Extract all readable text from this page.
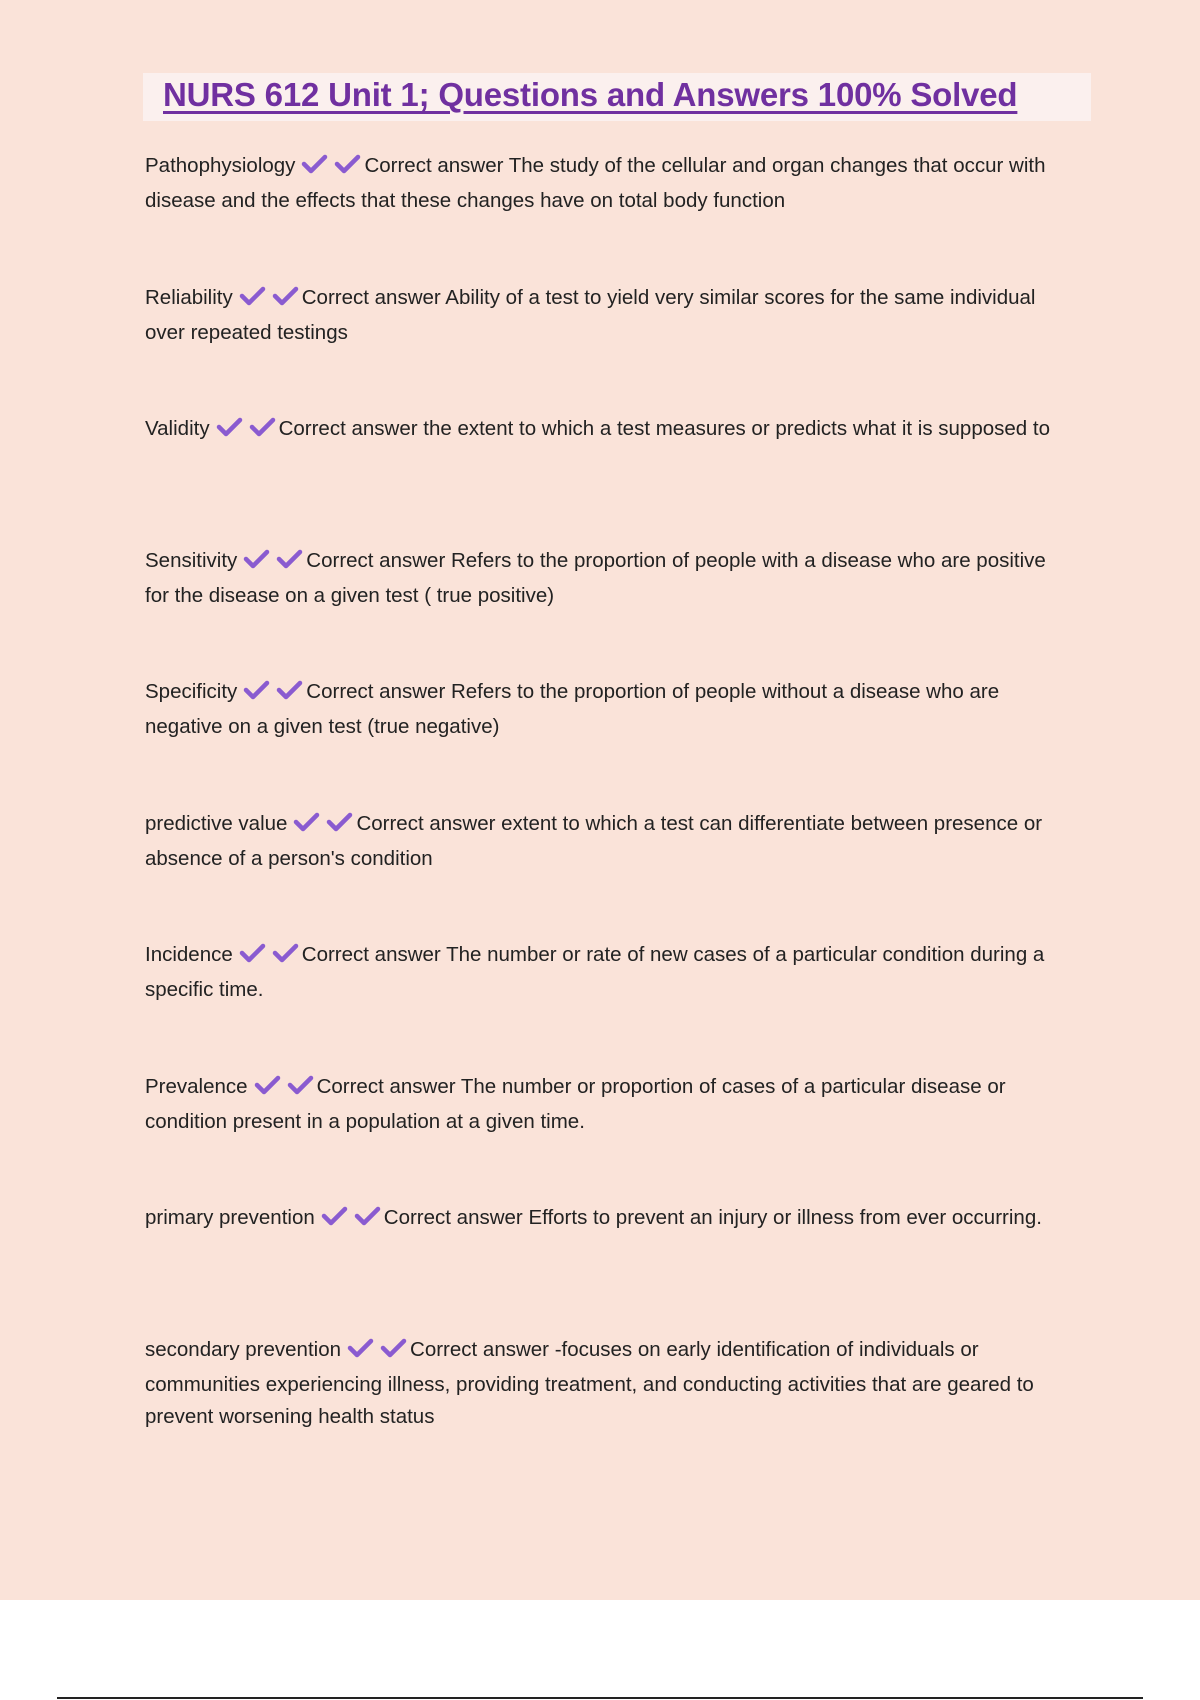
NURS 612 Unit 1; Questions and Answers 100% Solved
Pathophysiology	Correct answer The study of the cellular and organ changes that occur with disease and the effects that these changes have on total body function
Reliability	Correct answer Ability of a test to yield very similar scores for the same individual over repeated testings
Validity	Correct answer the extent to which a test measures or predicts what it is supposed to
Sensitivity	Correct answer Refers to the proportion of people with a disease who are positive for the disease on a given test ( true positive)
Specificity	Correct answer Refers to the proportion of people without a disease who are negative on a given test (true negative)
predictive value	Correct answer extent to which a test can differentiate between presence or absence of a person's condition
Incidence	Correct answer The number or rate of new cases of a particular condition during a specific time.
Prevalence	Correct answer The number or proportion of cases of a particular disease or condition present in a population at a given time.
primary prevention	Correct answer Efforts to prevent an injury or illness from ever occurring.
secondary prevention	Correct answer -focuses on early identification of individuals or communities experiencing illness, providing treatment, and conducting activities that are geared to prevent worsening health status
